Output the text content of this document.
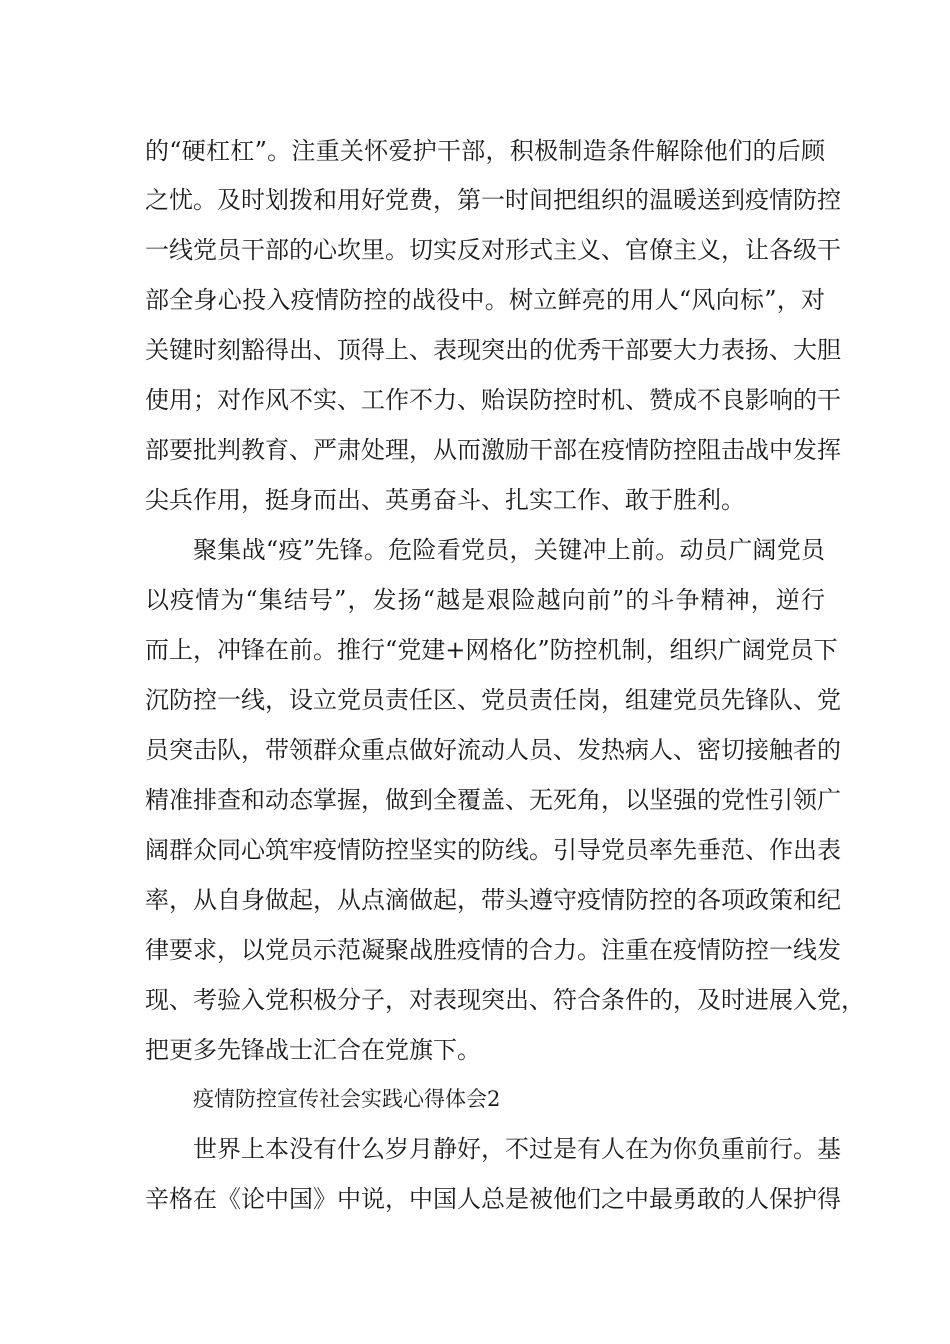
的“硬杠杠”。注重关怀爱护干部，积极制造条件解除他们的后顾
之忧。及时划拨和用好党费，第一时间把组织的温暖送到疫情防控
一线党员干部的心坎里。切实反对形式主义、官僚主义，让各级干
部全身心投入疫情防控的战役中。树立鲜亮的用人“风向标”，对
关键时刻豁得出、顶得上、表现突出的优秀干部要大力表扬、大胆
使用；对作风不实、工作不力、贻误防控时机、赞成不良影响的干
部要批判教育、严肃处理，从而激励干部在疫情防控阻击战中发挥
尖兵作用，挺身而出、英勇奋斗、扎实工作、敢于胜利。
聚集战“疫”先锋。危险看党员，关键冲上前。动员广阔党员
以疫情为“集结号”，发扬“越是艰险越向前”的斗争精神，逆行
而上，冲锋在前。推行“党建+网格化”防控机制，组织广阔党员下
沉防控一线，设立党员责任区、党员责任岗，组建党员先锋队、党
员突击队，带领群众重点做好流动人员、发热病人、密切接触者的
精准排查和动态掌握，做到全覆盖、无死角，以坚强的党性引领广
阔群众同心筑牢疫情防控坚实的防线。引导党员率先垂范、作出表
率，从自身做起，从点滴做起，带头遵守疫情防控的各项政策和纪
律要求，以党员示范凝聚战胜疫情的合力。注重在疫情防控一线发
现、考验入党积极分子，对表现突出、符合条件的，及时进展入党，
把更多先锋战士汇合在党旗下。
疫情防控宣传社会实践心得体会2
世界上本没有什么岁月静好，不过是有人在为你负重前行。基
辛格在《论中国》中说，中国人总是被他们之中最勇敢的人保护得
